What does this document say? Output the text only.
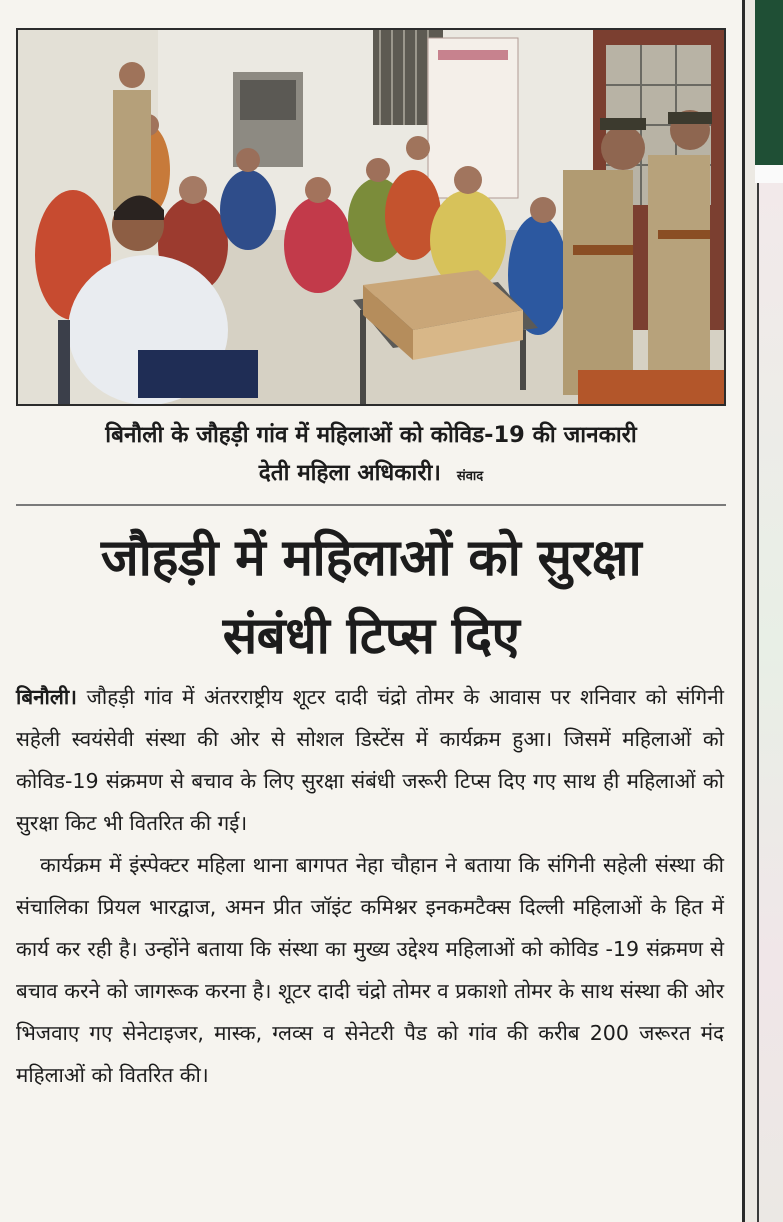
बिनौली के जौहड़ी गांव में महिलाओं को कोविड-19 की जानकारी
देती महिला अधिकारी। संवाद
जौहड़ी में महिलाओं को सुरक्षा
संबंधी टिप्स दिए

बिनौली। जौहड़ी गांव में अंतरराष्ट्रीय शूटर दादी चंद्रो तोमर के आवास पर शनिवार को संगिनी सहेली स्वयंसेवी संस्था की ओर से सोशल डिस्टेंस में कार्यक्रम हुआ। जिसमें महिलाओं को कोविड-19 संक्रमण से बचाव के लिए सुरक्षा संबंधी जरूरी टिप्स दिए गए साथ ही महिलाओं को सुरक्षा किट भी वितरित की गई।

कार्यक्रम में इंस्पेक्टर महिला थाना बागपत नेहा चौहान ने बताया कि संगिनी सहेली संस्था की संचालिका प्रियल भारद्वाज, अमन प्रीत जॉइंट कमिश्नर इनकमटैक्स दिल्ली महिलाओं के हित में कार्य कर रही है। उन्होंने बताया कि संस्था का मुख्य उद्देश्य महिलाओं को कोविड -19 संक्रमण से बचाव करने को जागरूक करना है। शूटर दादी चंद्रो तोमर व प्रकाशो तोमर के साथ संस्था की ओर भिजवाए गए सेनेटाइजर, मास्क, ग्लव्स व सेनेटरी पैड को गांव की करीब 200 जरूरत मंद महिलाओं को वितरित की।
